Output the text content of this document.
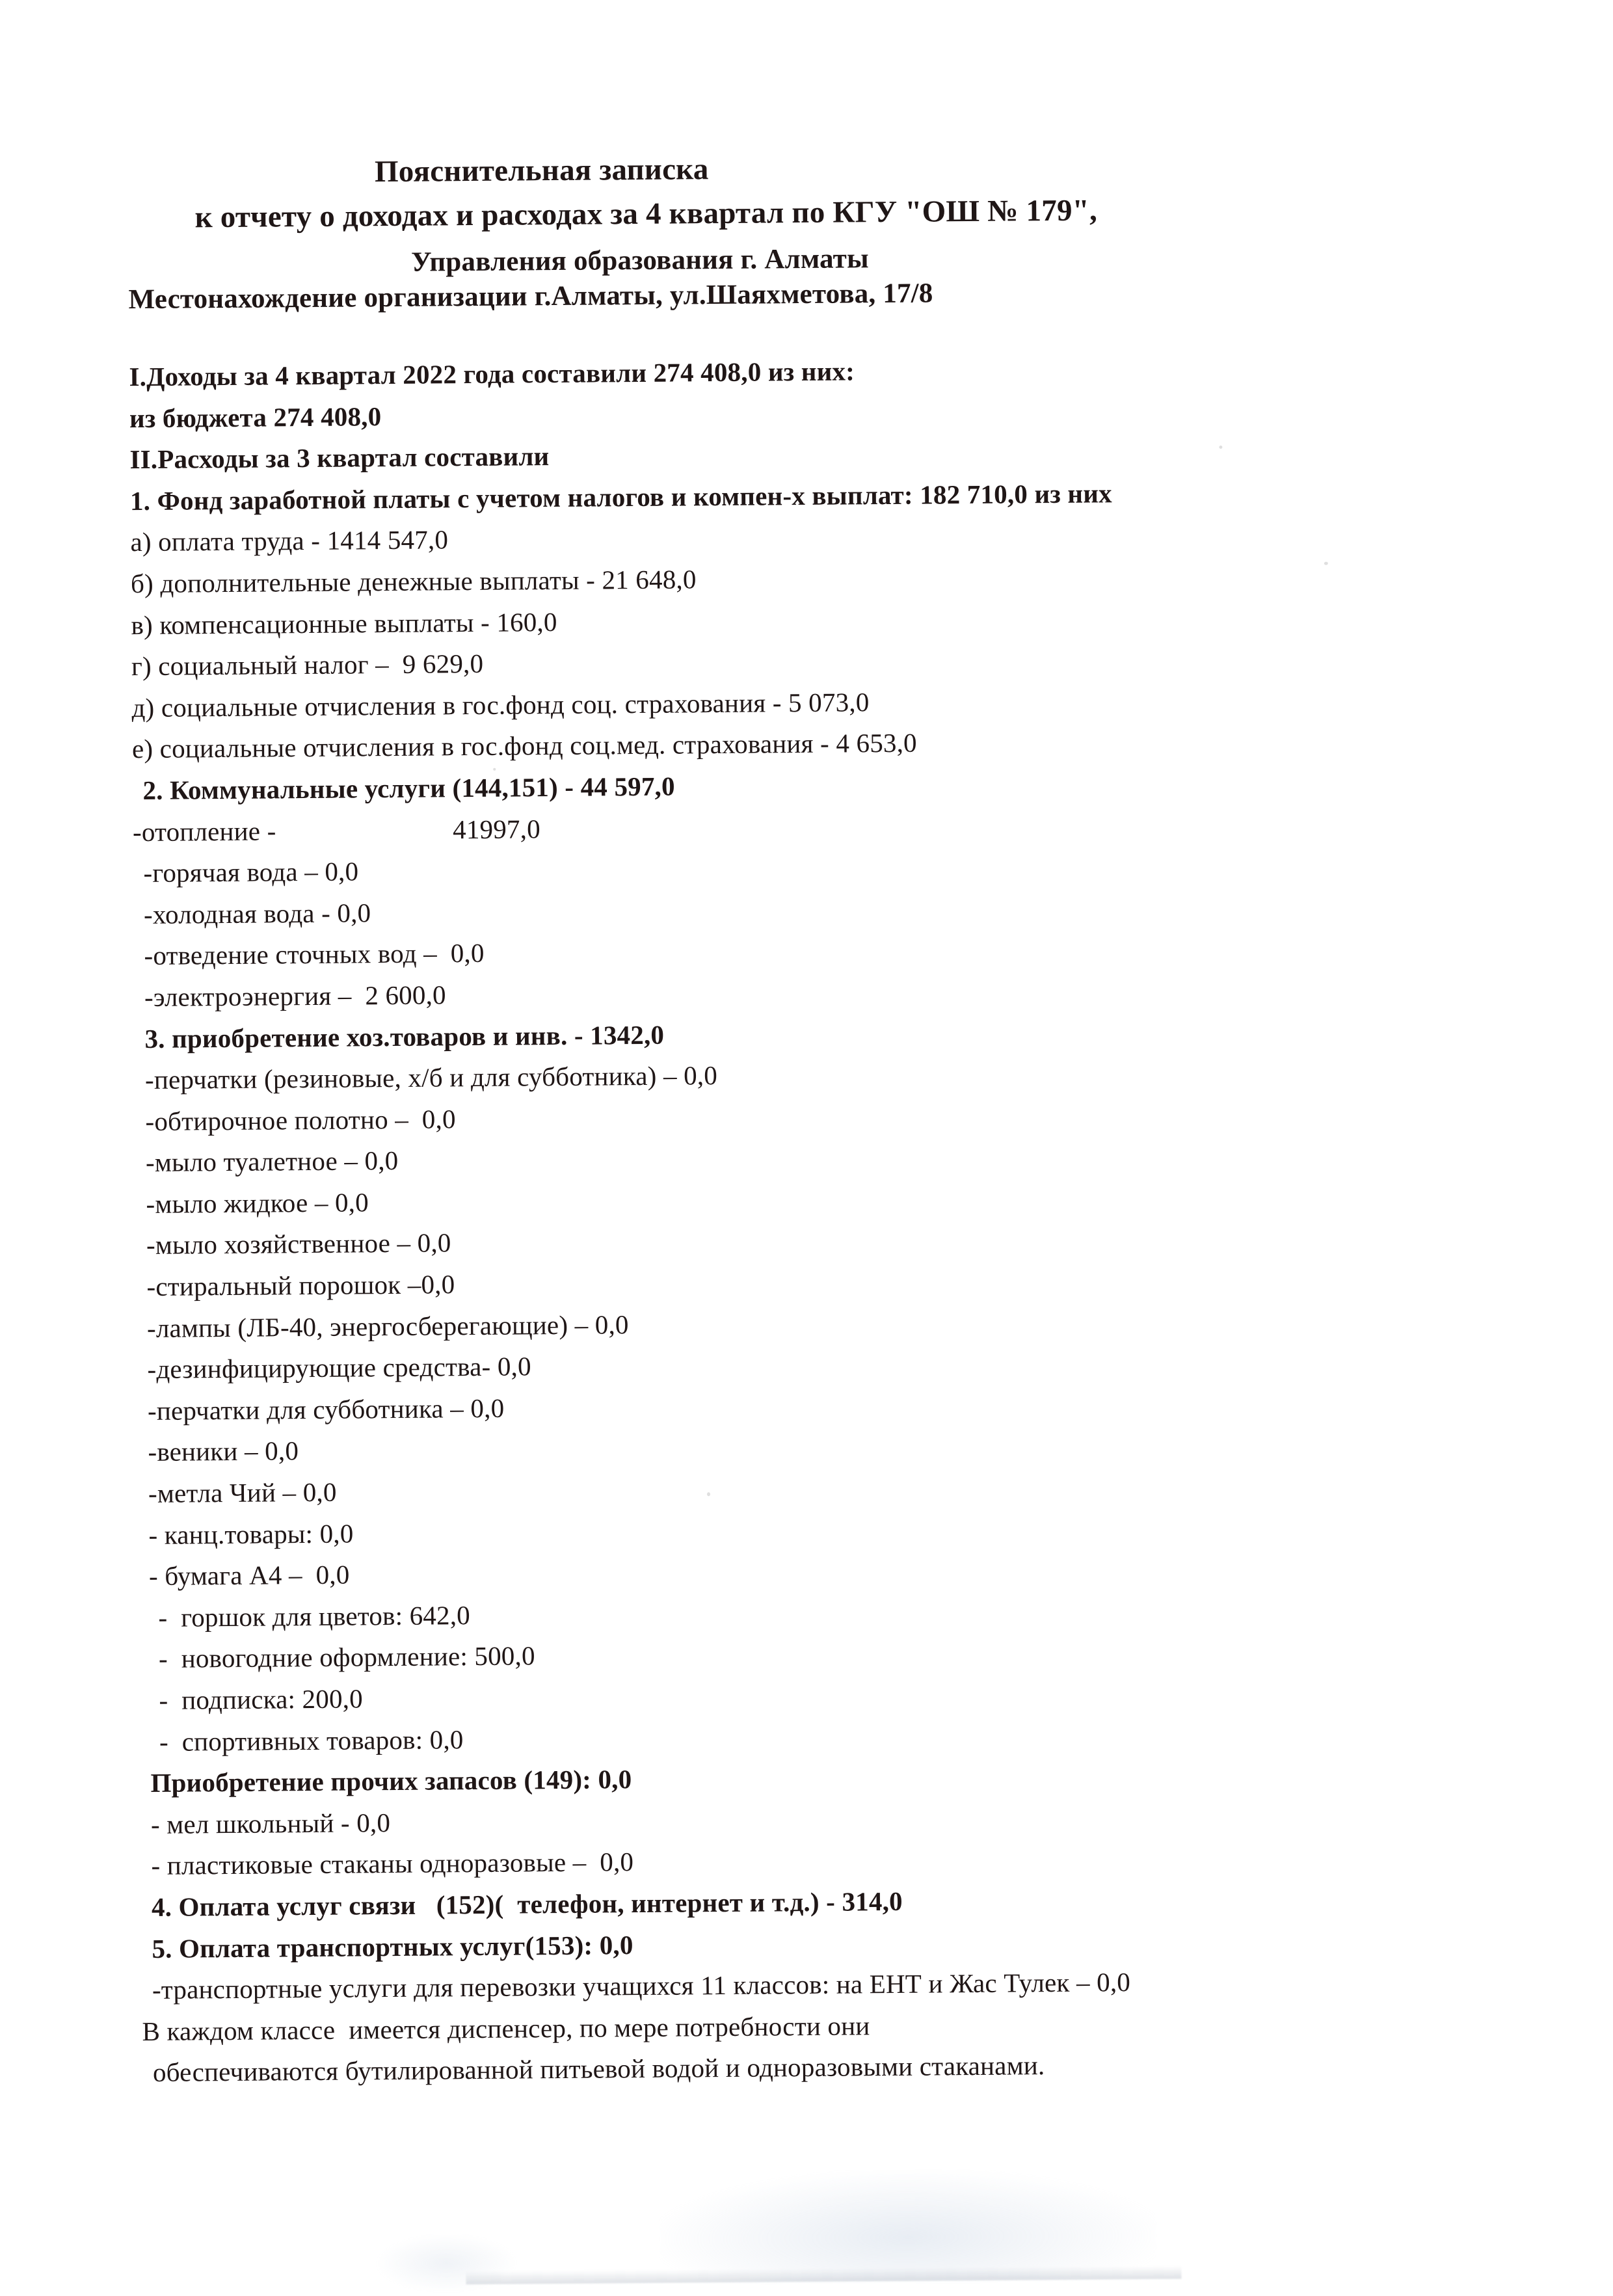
Пояснительная записка
к отчету о доходах и расходах за 4 квартал по КГУ "ОШ № 179",
Управления образования г. Алматы
Местонахождение организации г.Алматы, ул.Шаяхметова, 17/8
I.Доходы за 4 квартал 2022 года составили 274 408,0 из них:
из бюджета 274 408,0
II.Расходы за 3 квартал составили
1. Фонд заработной платы с учетом налогов и компен-х выплат: 182 710,0 из них
а) оплата труда - 1414 547,0
б) дополнительные денежные выплаты - 21 648,0
в) компенсационные выплаты - 160,0
г) социальный налог –  9 629,0
д) социальные отчисления в гос.фонд соц. страхования - 5 073,0
е) социальные отчисления в гос.фонд соц.мед. страхования - 4 653,0
2. Коммунальные услуги (144,151) - 44 597,0
-отопление -                          41997,0
-горячая вода – 0,0
-холодная вода - 0,0
-отведение сточных вод –  0,0
-электроэнергия –  2 600,0
3. приобретение хоз.товаров и инв. - 1342,0
-перчатки (резиновые, х/б и для субботника) – 0,0
-обтирочное полотно –  0,0
-мыло туалетное – 0,0
-мыло жидкое – 0,0
-мыло хозяйственное – 0,0
-стиральный порошок –0,0
-лампы (ЛБ-40, энергосберегающие) – 0,0
-дезинфицирующие средства- 0,0
-перчатки для субботника – 0,0
-веники – 0,0
-метла Чий – 0,0
- канц.товары: 0,0
- бумага А4 –  0,0
-  горшок для цветов: 642,0
-  новогодние оформление: 500,0
-  подписка: 200,0
-  спортивных товаров: 0,0
Приобретение прочих запасов (149): 0,0
- мел школьный - 0,0
- пластиковые стаканы одноразовые –  0,0
4. Оплата услуг связи   (152)(  телефон, интернет и т.д.) - 314,0
5. Оплата транспортных услуг(153): 0,0
-транспортные услуги для перевозки учащихся 11 классов: на ЕНТ и Жас Тулек – 0,0
В каждом классе  имеется диспенсер, по мере потребности они
обеспечиваются бутилированной питьевой водой и одноразовыми стаканами.
